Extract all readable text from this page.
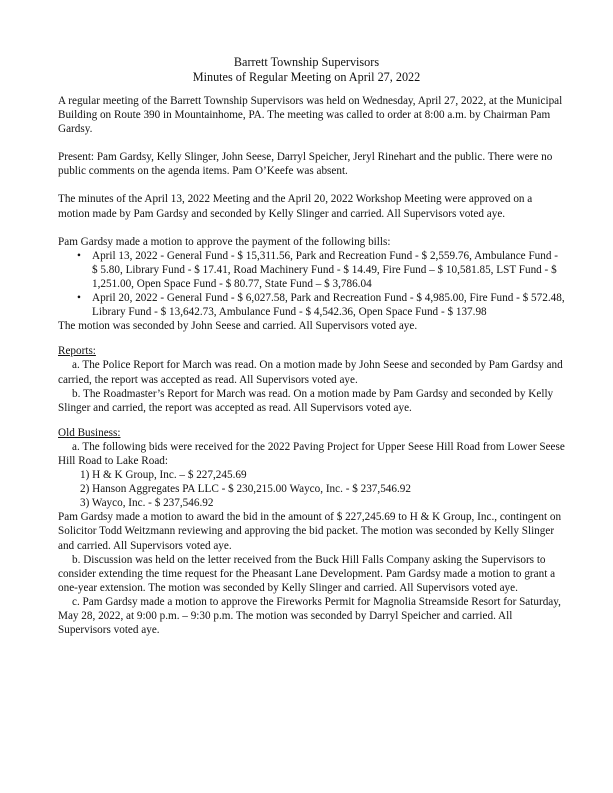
Barrett Township Supervisors
Minutes of Regular Meeting on April 27, 2022

A regular meeting of the Barrett Township Supervisors was held on Wednesday, April 27, 2022, at the Municipal Building on Route 390 in Mountainhome, PA. The meeting was called to order at 8:00 a.m. by Chairman Pam Gardsy.

Present: Pam Gardsy, Kelly Slinger, John Seese, Darryl Speicher, Jeryl Rinehart and the public. There were no public comments on the agenda items. Pam O’Keefe was absent.

The minutes of the April 13, 2022 Meeting and the April 20, 2022 Workshop Meeting were approved on a motion made by Pam Gardsy and seconded by Kelly Slinger and carried. All Supervisors voted aye.

Pam Gardsy made a motion to approve the payment of the following bills:

• April 13, 2022 - General Fund - $ 15,311.56, Park and Recreation Fund - $ 2,559.76, Ambulance Fund - $ 5.80, Library Fund - $ 17.41, Road Machinery Fund - $ 14.49, Fire Fund – $ 10,581.85, LST Fund - $ 1,251.00, Open Space Fund - $ 80.77, State Fund – $ 3,786.04
• April 20, 2022 - General Fund - $ 6,027.58, Park and Recreation Fund - $ 4,985.00, Fire Fund - $ 572.48, Library Fund - $ 13,642.73, Ambulance Fund - $ 4,542.36, Open Space Fund - $ 137.98

The motion was seconded by John Seese and carried. All Supervisors voted aye.

Reports:

a. The Police Report for March was read. On a motion made by John Seese and seconded by Pam Gardsy and carried, the report was accepted as read. All Supervisors voted aye.

b. The Roadmaster’s Report for March was read. On a motion made by Pam Gardsy and seconded by Kelly Slinger and carried, the report was accepted as read. All Supervisors voted aye.

Old Business:

a. The following bids were received for the 2022 Paving Project for Upper Seese Hill Road from Lower Seese Hill Road to Lake Road:

1) H & K Group, Inc. – $ 227,245.69
2) Hanson Aggregates PA LLC - $ 230,215.00 Wayco, Inc. - $ 237,546.92
3) Wayco, Inc. - $ 237,546.92

Pam Gardsy made a motion to award the bid in the amount of $ 227,245.69 to H & K Group, Inc., contingent on Solicitor Todd Weitzmann reviewing and approving the bid packet. The motion was seconded by Kelly Slinger and carried. All Supervisors voted aye.

b. Discussion was held on the letter received from the Buck Hill Falls Company asking the Supervisors to consider extending the time request for the Pheasant Lane Development. Pam Gardsy made a motion to grant a one-year extension. The motion was seconded by Kelly Slinger and carried. All Supervisors voted aye.

c. Pam Gardsy made a motion to approve the Fireworks Permit for Magnolia Streamside Resort for Saturday, May 28, 2022, at 9:00 p.m. – 9:30 p.m. The motion was seconded by Darryl Speicher and carried. All Supervisors voted aye.
